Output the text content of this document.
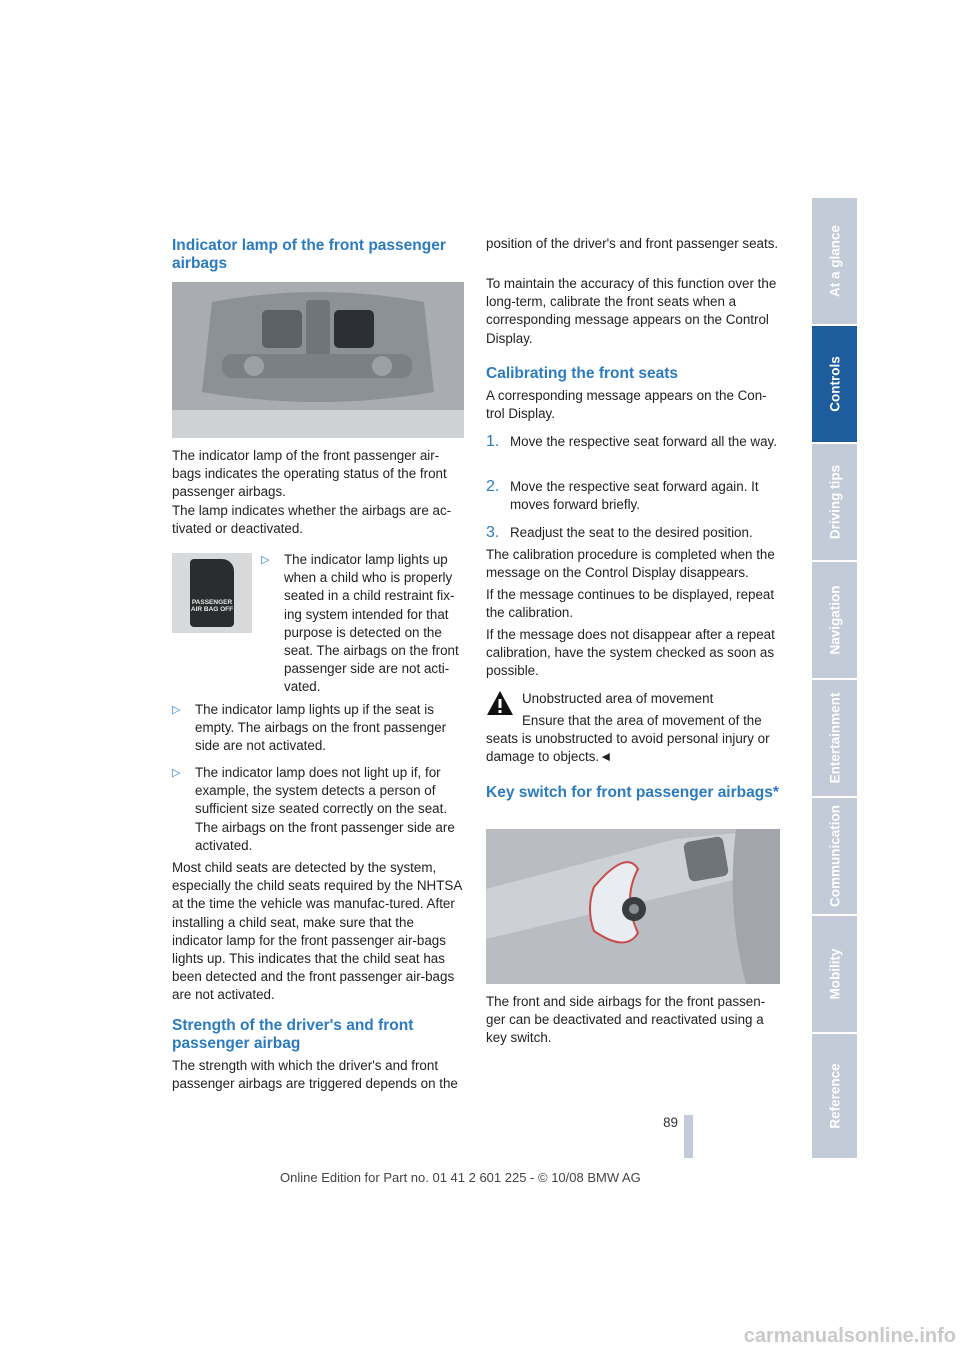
At a glance
Controls
Driving tips
Navigation
Entertainment
Communication
Mobility
Reference
Indicator lamp of the front passenger airbags

The indicator lamp of the front passenger air-bags indicates the operating status of the front passenger airbags.

The lamp indicates whether the airbags are ac-tivated or deactivated.

PASSENGER AIR BAG OFF
▷	The indicator lamp lights up when a child who is properly seated in a child restraint fix-ing system intended for that purpose is detected on the seat. The airbags on the front passenger side are not acti-vated.

▷	The indicator lamp lights up if the seat is empty. The airbags on the front passenger side are not activated.

▷	The indicator lamp does not light up if, for example, the system detects a person of sufficient size seated correctly on the seat. The airbags on the front passenger side are activated.

Most child seats are detected by the system, especially the child seats required by the NHTSA at the time the vehicle was manufac-tured. After installing a child seat, make sure that the indicator lamp for the front passenger air-bags lights up. This indicates that the child seat has been detected and the front passenger air-bags are not activated.

Strength of the driver's and front passenger airbag

The strength with which the driver's and front passenger airbags are triggered depends on the

position of the driver's and front passenger seats.

To maintain the accuracy of this function over the long-term, calibrate the front seats when a corresponding message appears on the Control Display.

Calibrating the front seats

A corresponding message appears on the Con-trol Display.

1. Move the respective seat forward all the way.

2. Move the respective seat forward again. It moves forward briefly.

3. Readjust the seat to the desired position.

The calibration procedure is completed when the message on the Control Display disappears.

If the message continues to be displayed, repeat the calibration.

If the message does not disappear after a repeat calibration, have the system checked as soon as possible.

Unobstructed area of movement

Ensure that the area of movement of the seats is unobstructed to avoid personal injury or damage to objects.◄

Key switch for front passenger airbags*

The front and side airbags for the front passen-ger can be deactivated and reactivated using a key switch.

89
Online Edition for Part no. 01 41 2 601 225 - © 10/08 BMW AG
carmanualsonline.info
